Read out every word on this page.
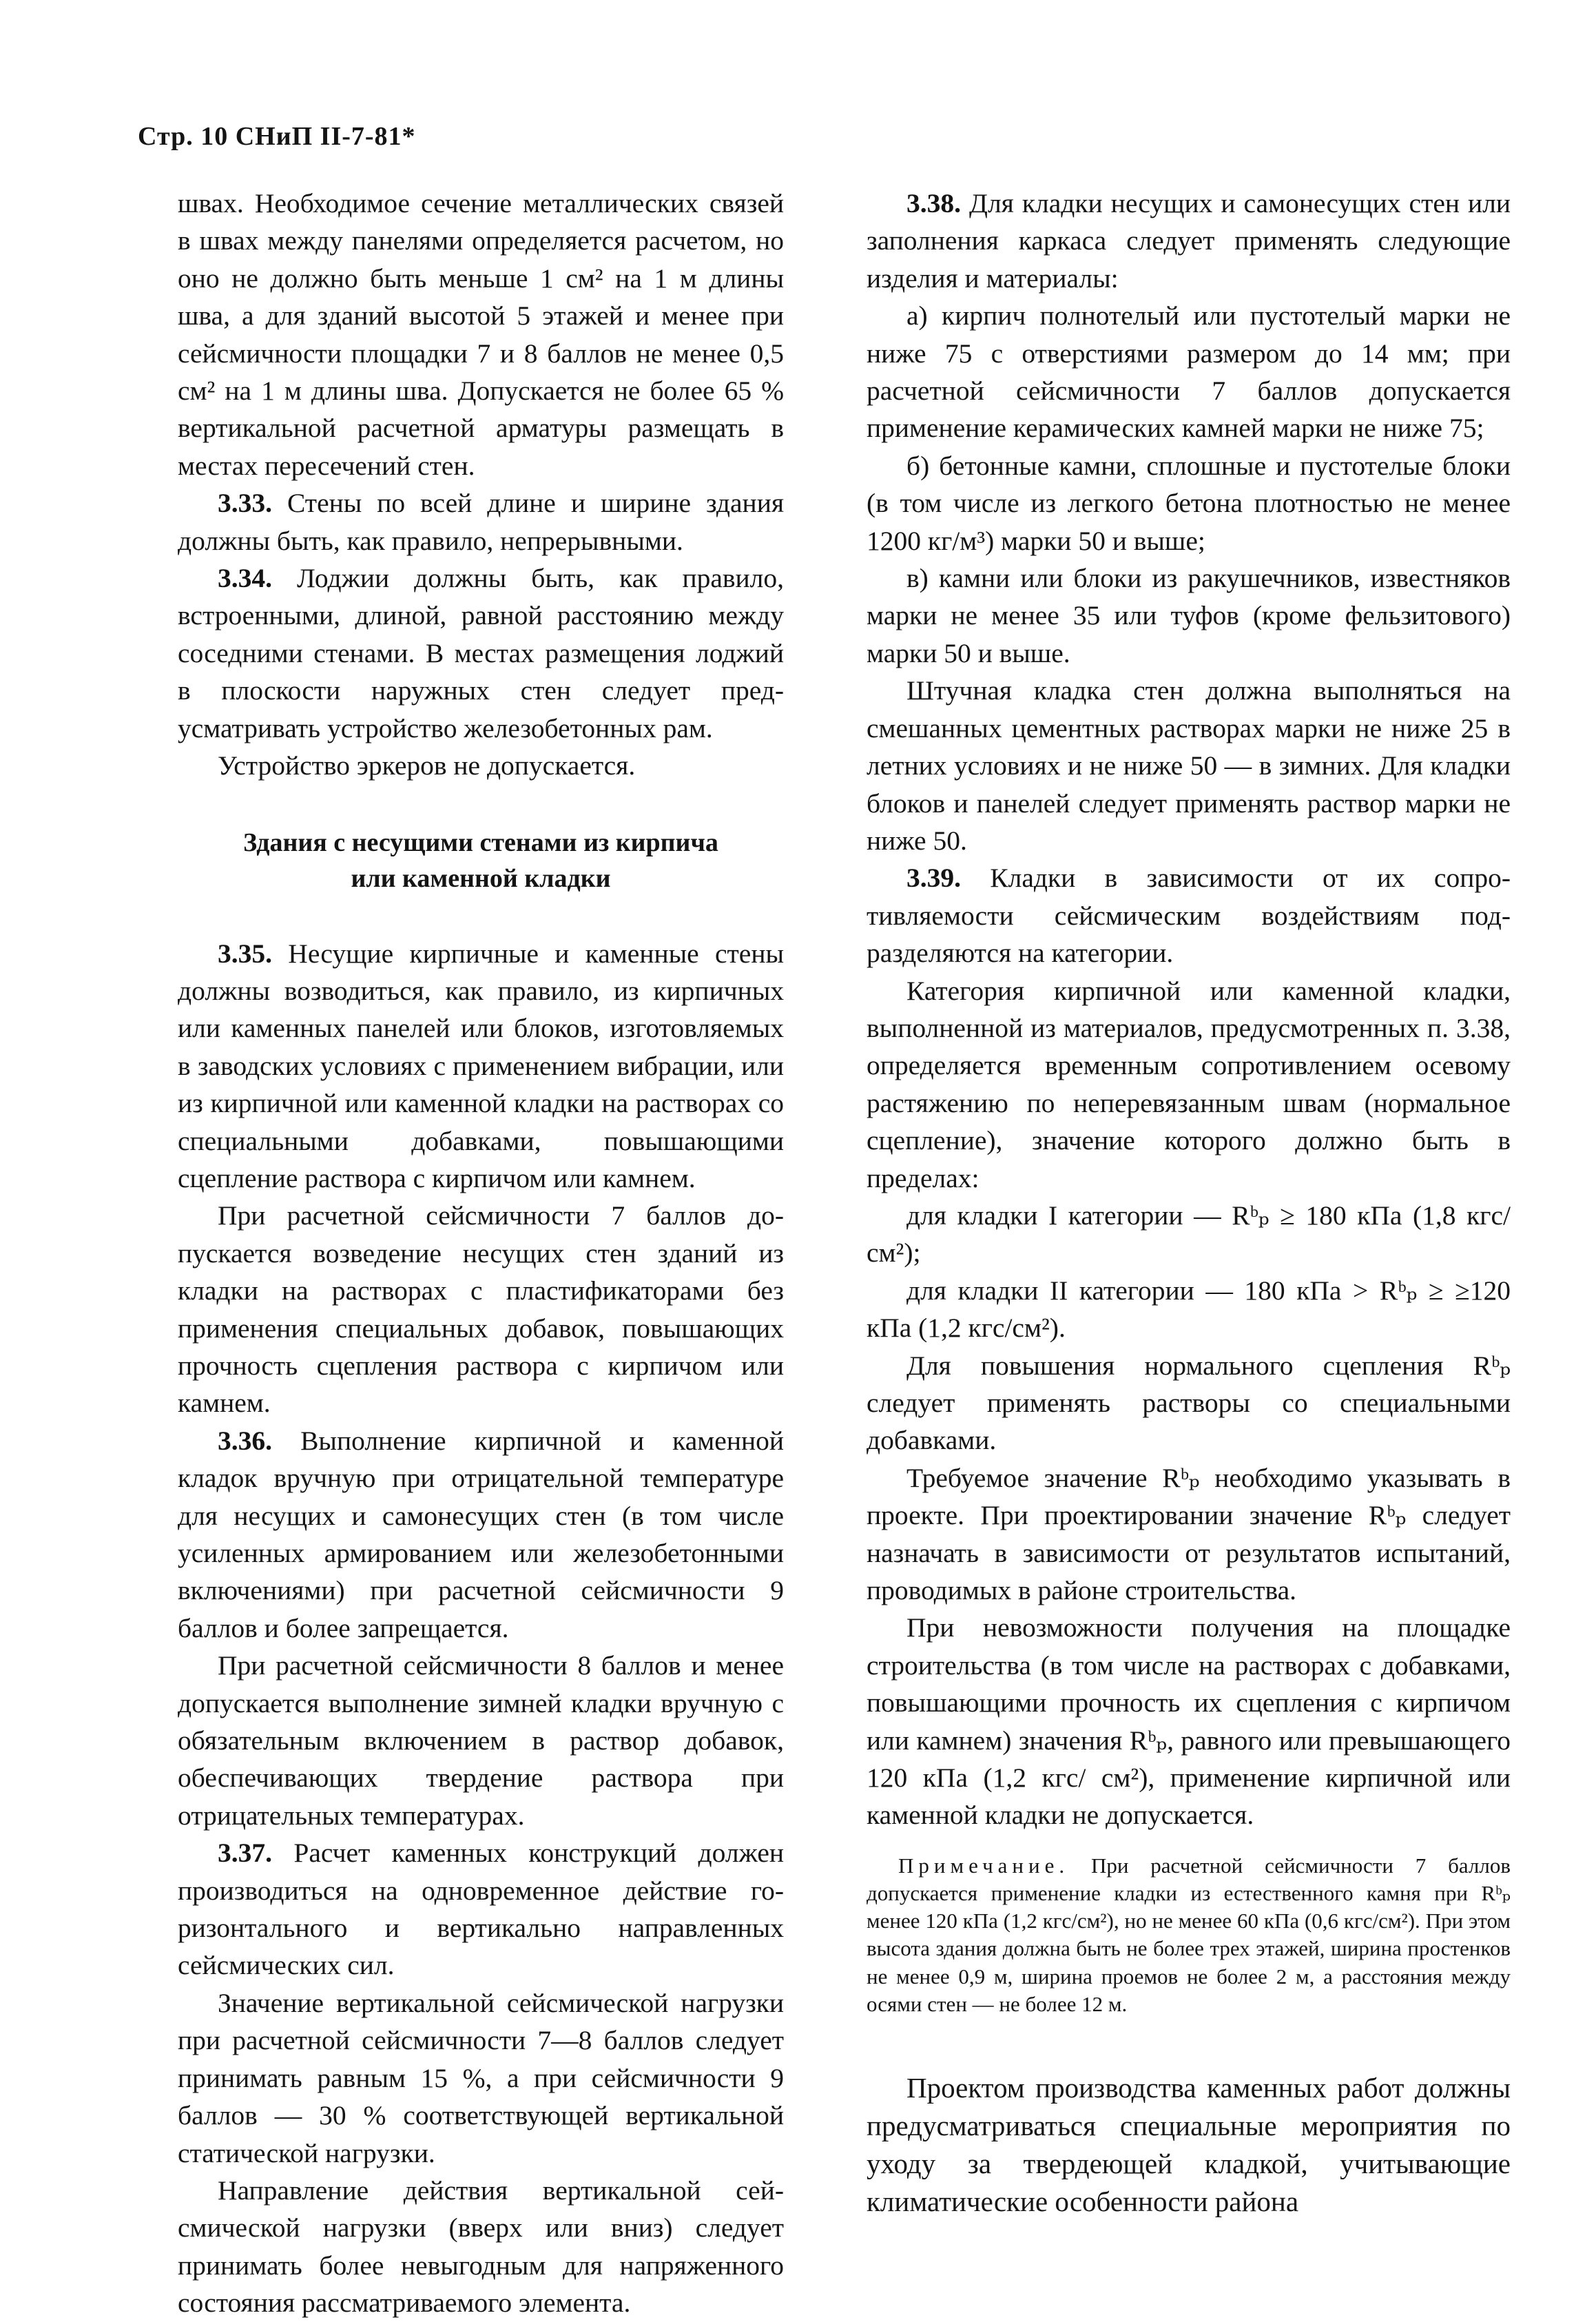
Стр. 10 СНиП II-7-81*

швах. Необходимое сечение металлических связей в швах между панелями определяется расчетом, но оно не должно быть меньше 1 см² на 1 м длины шва, а для зданий высотой 5 этажей и менее при сейсмичности площадки 7 и 8 баллов не менее 0,5 см² на 1 м длины шва. Допускается не более 65 % вертикальной расчетной арматуры размещать в местах пересечений стен.

3.33. Стены по всей длине и ширине здания должны быть, как правило, непрерывными.

3.34. Лоджии должны быть, как правило, встроенными, длиной, равной расстоянию между соседними стенами. В местах размещения лоджий в плоскости наружных стен следует предусматривать устройство железобетонных рам.

Устройство эркеров не допускается.

Здания с несущими стенами из кирпича
или каменной кладки

3.35. Несущие кирпичные и каменные стены должны возводиться, как правило, из кирпичных или каменных панелей или блоков, изготовляемых в заводских условиях с применением вибрации, или из кирпичной или каменной кладки на растворах со специальными добавками, повышающими сцепление раствора с кирпичом или камнем.

При расчетной сейсмичности 7 баллов допускается возведение несущих стен зданий из кладки на растворах с пластификаторами без применения специальных добавок, повышающих прочность сцепления раствора с кирпичом или камнем.

3.36. Выполнение кирпичной и каменной кладок вручную при отрицательной температуре для несущих и самонесущих стен (в том числе усиленных армированием или железобетонными включениями) при расчетной сейсмичности 9 баллов и более запрещается.

При расчетной сейсмичности 8 баллов и менее допускается выполнение зимней кладки вручную с обязательным включением в раствор добавок, обеспечивающих твердение раствора при отрицательных температурах.

3.37. Расчет каменных конструкций должен производиться на одновременное действие горизонтального и вертикально направленных сейсмических сил.

Значение вертикальной сейсмической нагрузки при расчетной сейсмичности 7—8 баллов следует принимать равным 15 %, а при сейсмичности 9 баллов — 30 % соответствующей вертикальной статической нагрузки.

Направление действия вертикальной сейсмической нагрузки (вверх или вниз) следует принимать более невыгодным для напряженного состояния рассматриваемого элемента.

3.38. Для кладки несущих и самонесущих стен или заполнения каркаса следует применять следующие изделия и материалы:

а) кирпич полнотелый или пустотелый марки не ниже 75 с отверстиями размером до 14 мм; при расчетной сейсмичности 7 баллов допускается применение керамических камней марки не ниже 75;

б) бетонные камни, сплошные и пустотелые блоки (в том числе из легкого бетона плотностью не менее 1200 кг/м³) марки 50 и выше;

в) камни или блоки из ракушечников, известняков марки не менее 35 или туфов (кроме фельзитового) марки 50 и выше.

Штучная кладка стен должна выполняться на смешанных цементных растворах марки не ниже 25 в летних условиях и не ниже 50 — в зимних. Для кладки блоков и панелей следует применять раствор марки не ниже 50.

3.39. Кладки в зависимости от их сопротивляемости сейсмическим воздействиям подразделяются на категории.

Категория кирпичной или каменной кладки, выполненной из материалов, предусмотренных п. 3.38, определяется временным сопротивлением осевому растяжению по неперевязанным швам (нормальное сцепление), значение которого должно быть в пределах:

для кладки I категории — Rᵇₚ ≥ 180 кПа (1,8 кгс/см²);

для кладки II категории — 180 кПа > Rᵇₚ ≥ ≥120 кПа (1,2 кгс/см²).

Для повышения нормального сцепления Rᵇₚ следует применять растворы со специальными добавками.

Требуемое значение Rᵇₚ необходимо указывать в проекте. При проектировании значение Rᵇₚ следует назначать в зависимости от результатов испытаний, проводимых в районе строительства.

При невозможности получения на площадке строительства (в том числе на растворах с добавками, повышающими прочность их сцепления с кирпичом или камнем) значения Rᵇₚ, равного или превышающего 120 кПа (1,2 кгс/ см²), применение кирпичной или каменной кладки не допускается.

Примечание. При расчетной сейсмичности 7 баллов допускается применение кладки из естественного камня при Rᵇₚ менее 120 кПа (1,2 кгс/см²), но не менее 60 кПа (0,6 кгс/см²). При этом высота здания должна быть не более трех этажей, ширина простенков не менее 0,9 м, ширина проемов не более 2 м, а расстояния между осями стен — не более 12 м.

Проектом производства каменных работ должны предусматриваться специальные мероприятия по уходу за твердеющей кладкой, учитывающие климатические особенности района
